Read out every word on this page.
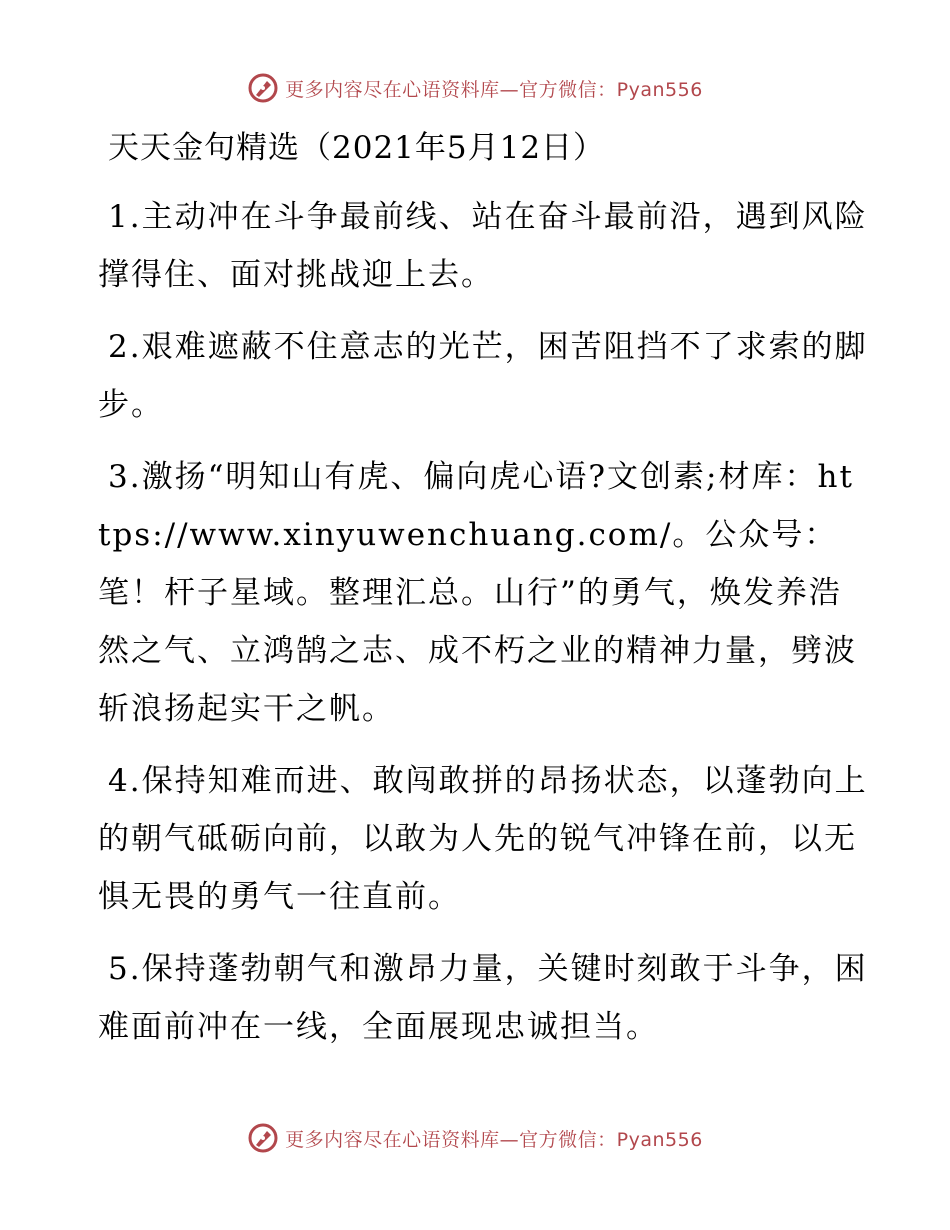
更多内容尽在心语资料库—官方微信：Pyan556
天天金句精选（2021年5月12日）

1.主动冲在斗争最前线、站在奋斗最前沿，遇到风险撑得住、面对挑战迎上去。

2.艰难遮蔽不住意志的光芒，困苦阻挡不了求索的脚步。

3.激扬“明知山有虎、偏向虎心语?文创素;材库：https://www.xinyuwenchuang.com/。公众号：笔！杆子星域。整理汇总。山行”的勇气，焕发养浩然之气、立鸿鹄之志、成不朽之业的精神力量，劈波斩浪扬起实干之帆。

4.保持知难而进、敢闯敢拼的昂扬状态，以蓬勃向上的朝气砥砺向前，以敢为人先的锐气冲锋在前，以无惧无畏的勇气一往直前。

5.保持蓬勃朝气和激昂力量，关键时刻敢于斗争，困难面前冲在一线，全面展现忠诚担当。

更多内容尽在心语资料库—官方微信：Pyan556
